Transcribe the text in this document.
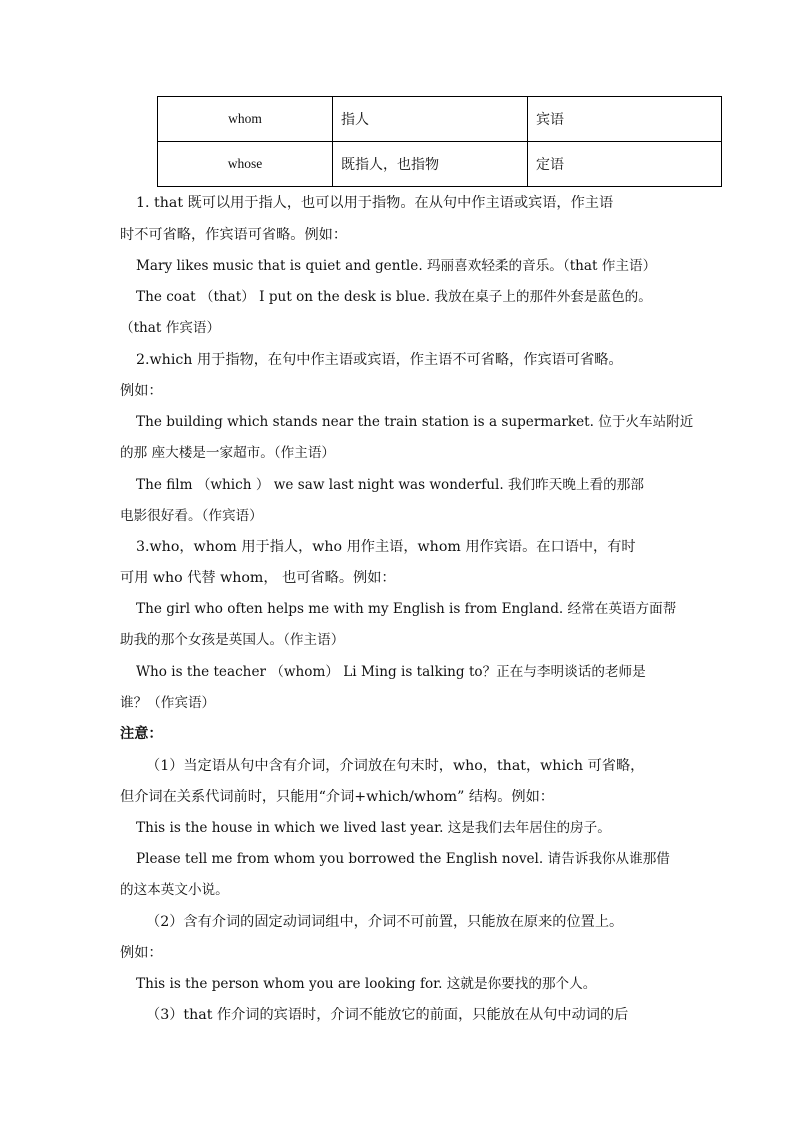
whom	指人	宾语
whose	既指人，也指物	定语
1. that 既可以用于指人，也可以用于指物。在从句中作主语或宾语，作主语
时不可省略，作宾语可省略。例如：
Mary likes music that is quiet and gentle. 玛丽喜欢轻柔的音乐。（that 作主语）
The coat （that） I put on the desk is blue. 我放在桌子上的那件外套是蓝色的。
（that 作宾语）
2.which 用于指物，在句中作主语或宾语，作主语不可省略，作宾语可省略。
例如：
The building which stands near the train station is a supermarket. 位于火车站附近
的那 座大楼是一家超市。（作主语）
The film （which ） we saw last night was wonderful. 我们昨天晚上看的那部
电影很好看。（作宾语）
3.who，whom 用于指人，who 用作主语，whom 用作宾语。在口语中，有时
可用 who 代替 whom， 也可省略。例如：
The girl who often helps me with my English is from England. 经常在英语方面帮
助我的那个女孩是英国人。（作主语）
Who is the teacher （whom） Li Ming is talking to？正在与李明谈话的老师是
谁？（作宾语）
注意：
（1）当定语从句中含有介词，介词放在句末时，who，that，which 可省略，
但介词在关系代词前时，只能用“介词+which/whom” 结构。例如：
This is the house in which we lived last year. 这是我们去年居住的房子。
Please tell me from whom you borrowed the English novel. 请告诉我你从谁那借
的这本英文小说。
（2）含有介词的固定动词词组中，介词不可前置，只能放在原来的位置上。
例如：
This is the person whom you are looking for. 这就是你要找的那个人。
（3）that 作介词的宾语时，介词不能放它的前面，只能放在从句中动词的后
